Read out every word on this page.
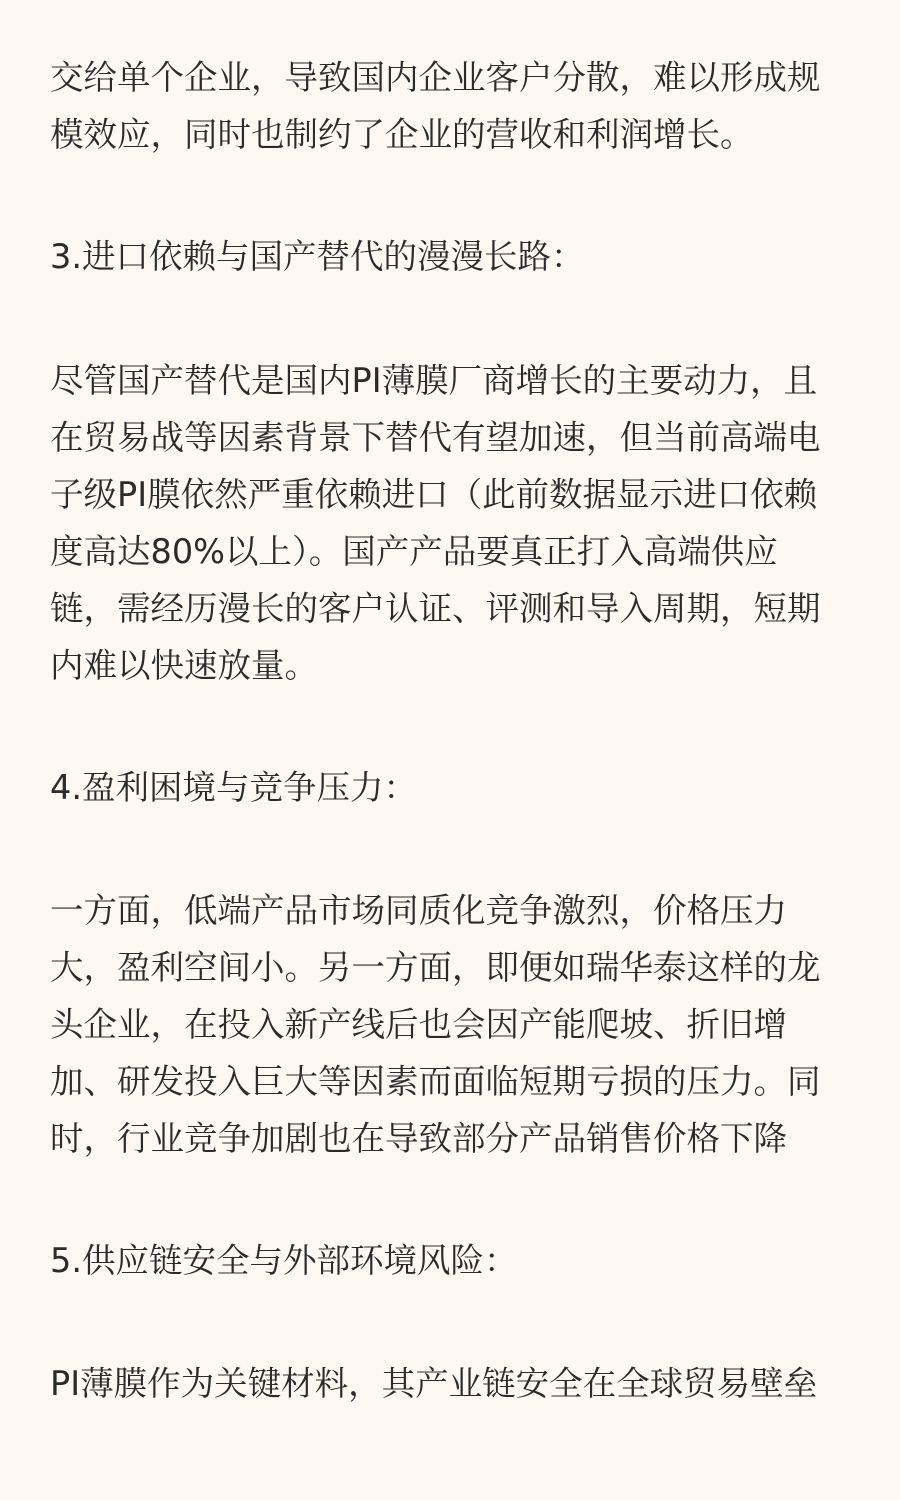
交给单个企业，导致国内企业客户分散，难以形成规
模效应，同时也制约了企业的营收和利润增长。
3.进口依赖与国产替代的漫漫长路：
尽管国产替代是国内PI薄膜厂商增长的主要动力，且
在贸易战等因素背景下替代有望加速，但当前高端电
子级PI膜依然严重依赖进口（此前数据显示进口依赖
度高达80%以上）。国产产品要真正打入高端供应
链，需经历漫长的客户认证、评测和导入周期，短期
内难以快速放量。
4.盈利困境与竞争压力：
一方面，低端产品市场同质化竞争激烈，价格压力
大，盈利空间小。另一方面，即便如瑞华泰这样的龙
头企业，在投入新产线后也会因产能爬坡、折旧增
加、研发投入巨大等因素而面临短期亏损的压力。同
时，行业竞争加剧也在导致部分产品销售价格下降
5.供应链安全与外部环境风险：
PI薄膜作为关键材料，其产业链安全在全球贸易壁垒
